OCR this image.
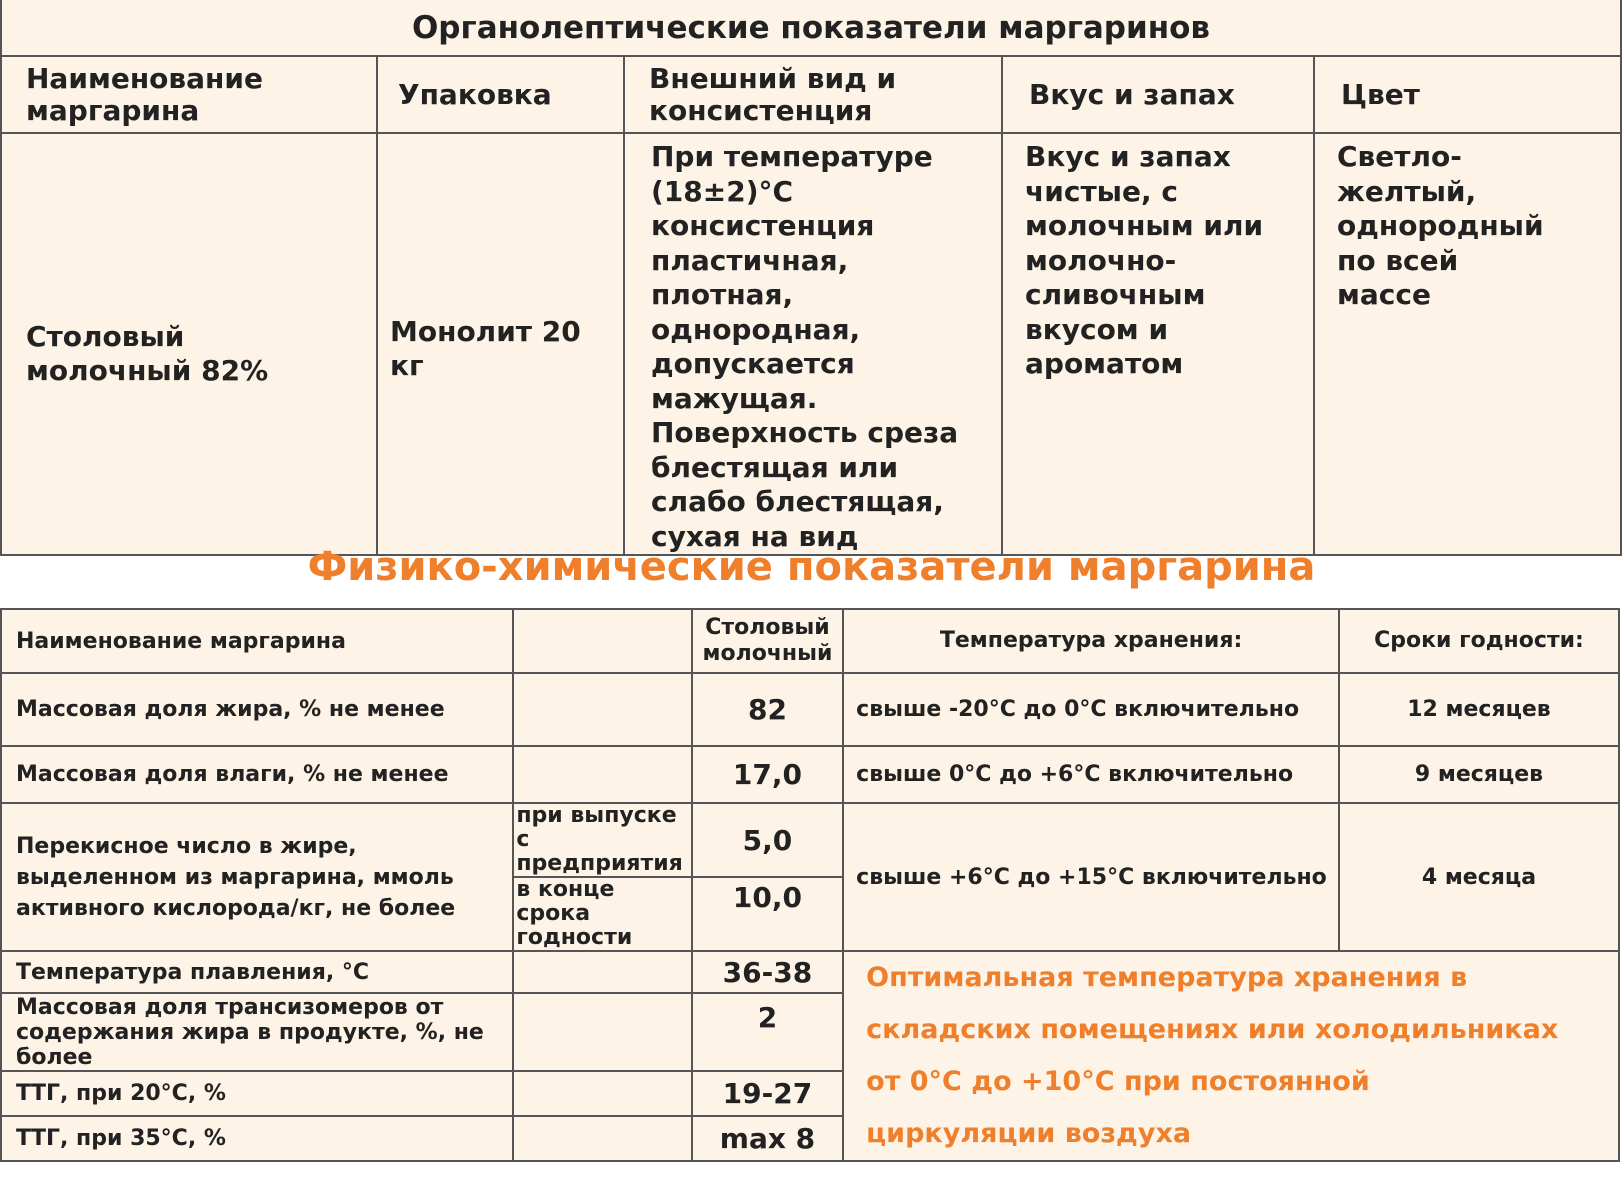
Органолептические показатели маргаринов				

Наименование маргарина	Упаковка	Внешний вид и консистенция	Вкус и запах	Цвет

Столовый молочный 82%	Монолит 20 кг	При температуре (18±2)°С консистенция пластичная, плотная, однородная, допускается мажущая. Поверхность среза блестящая или слабо блестящая, сухая на вид	Вкус и запах чистые, с молочным или молочно-сливочным вкусом и ароматом	Светло-желтый, однородный по всей массе
Физико-химические показатели маргарина
Наименование маргарина		Столовый молочный	Температура хранения:	Сроки годности:
Массовая доля жира, % не менее		82	свыше -20°С до 0°С включительно	12 месяцев
Массовая доля влаги, % не менее		17,0	свыше 0°С до +6°С включительно	9 месяцев
Перекисное число в жире, выделенном из маргарина, ммоль активного кислорода/кг, не более	при выпуске с предприятия	5,0	свыше +6°С до +15°С включительно	4 месяца
	в конце срока годности	10,0		
Температура плавления, °С		36-38	Оптимальная температура хранения в складских помещениях или холодильниках от 0°С до +10°С при постоянной циркуляции воздуха	

Массовая доля трансизомеров от содержания жира в продукте, %, не более		2		
ТТГ, при 20°С, %		19-27		
ТТГ, при 35°С, %		max 8		
